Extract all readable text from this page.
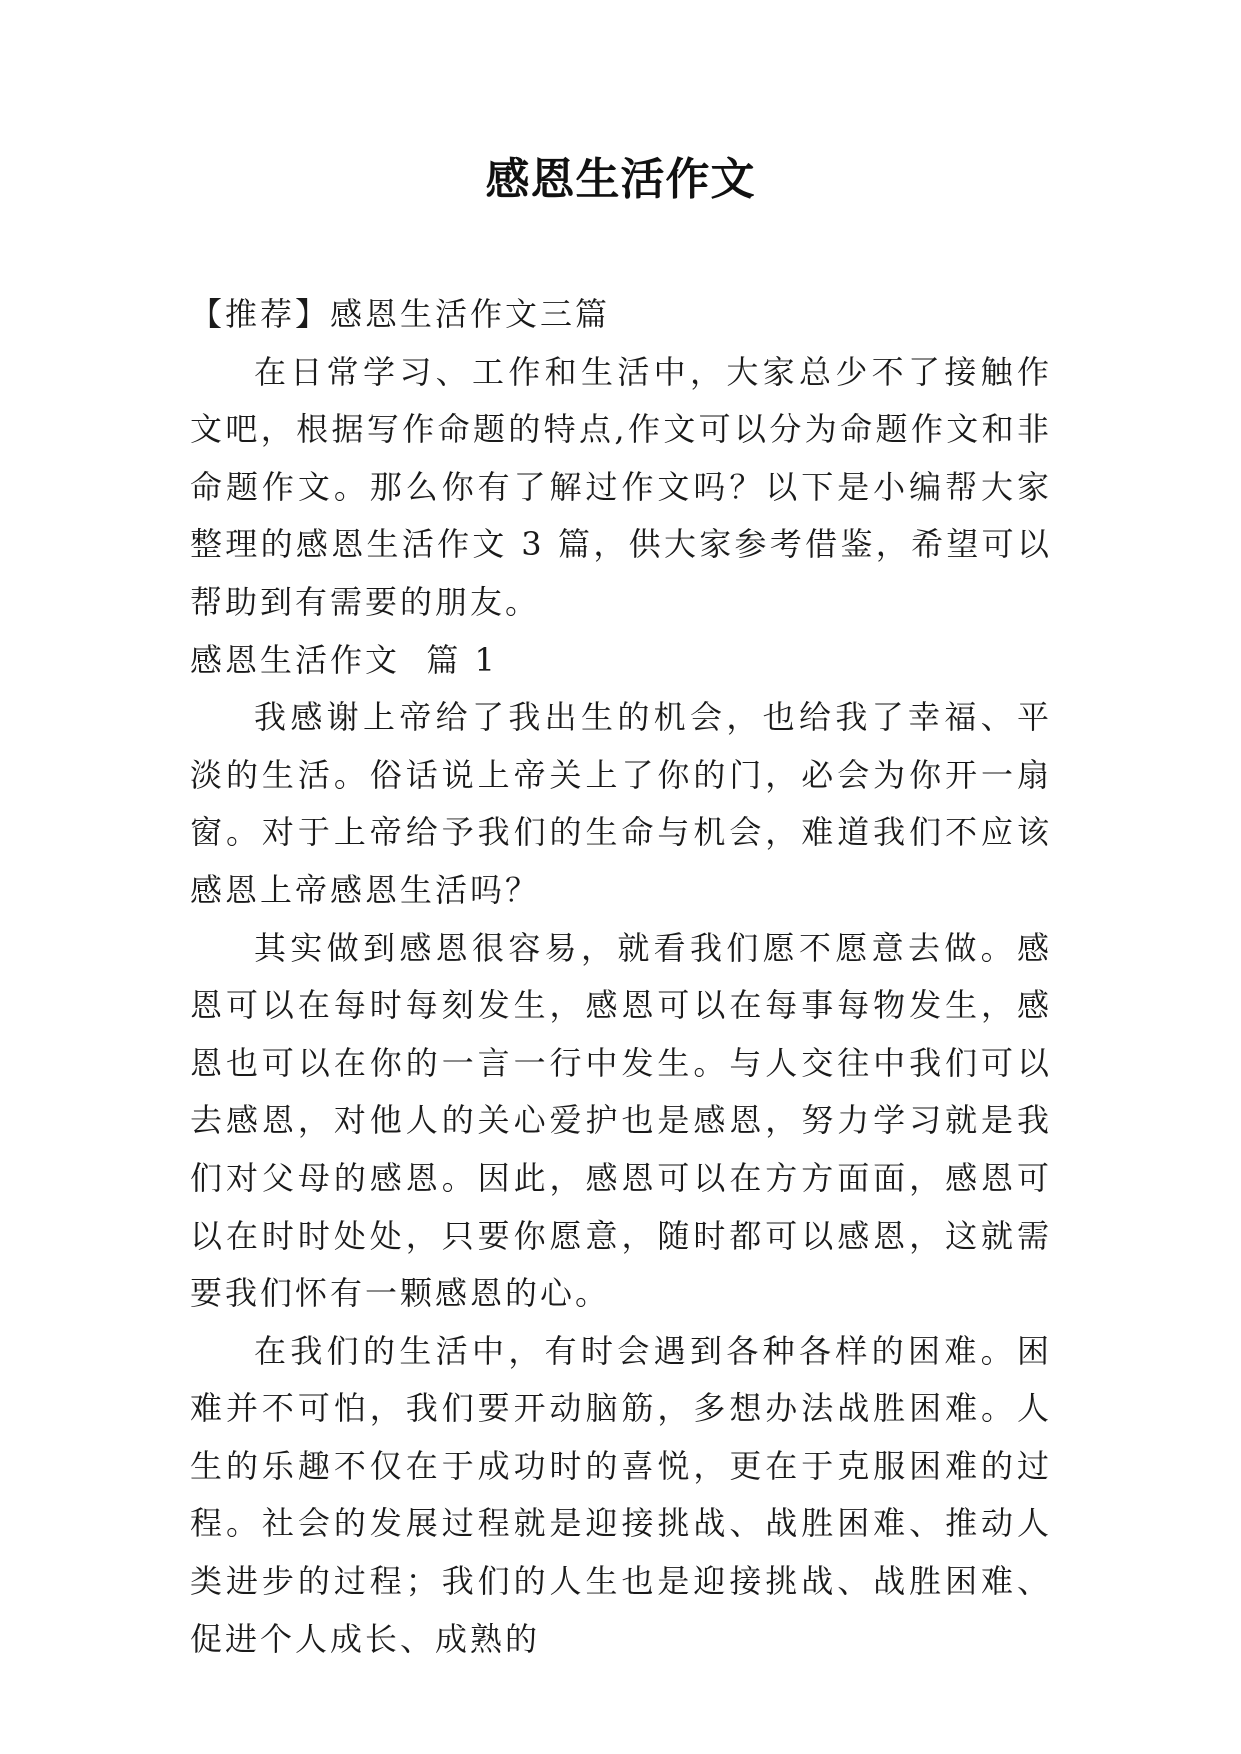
感恩生活作文

【推荐】感恩生活作文三篇

在日常学习、工作和生活中，大家总少不了接触作文吧，根据写作命题的特点,作文可以分为命题作文和非命题作文。那么你有了解过作文吗？以下是小编帮大家整理的感恩生活作文 3 篇，供大家参考借鉴，希望可以帮助到有需要的朋友。

感恩生活作文  篇 1

我感谢上帝给了我出生的机会，也给我了幸福、平淡的生活。俗话说上帝关上了你的门，必会为你开一扇窗。对于上帝给予我们的生命与机会，难道我们不应该感恩上帝感恩生活吗？

其实做到感恩很容易，就看我们愿不愿意去做。感恩可以在每时每刻发生，感恩可以在每事每物发生，感恩也可以在你的一言一行中发生。与人交往中我们可以去感恩，对他人的关心爱护也是感恩，努力学习就是我们对父母的感恩。因此，感恩可以在方方面面，感恩可以在时时处处，只要你愿意，随时都可以感恩，这就需要我们怀有一颗感恩的心。

在我们的生活中，有时会遇到各种各样的困难。困难并不可怕，我们要开动脑筋，多想办法战胜困难。人生的乐趣不仅在于成功时的喜悦，更在于克服困难的过程。社会的发展过程就是迎接挑战、战胜困难、推动人类进步的过程；我们的人生也是迎接挑战、战胜困难、促进个人成长、成熟的
